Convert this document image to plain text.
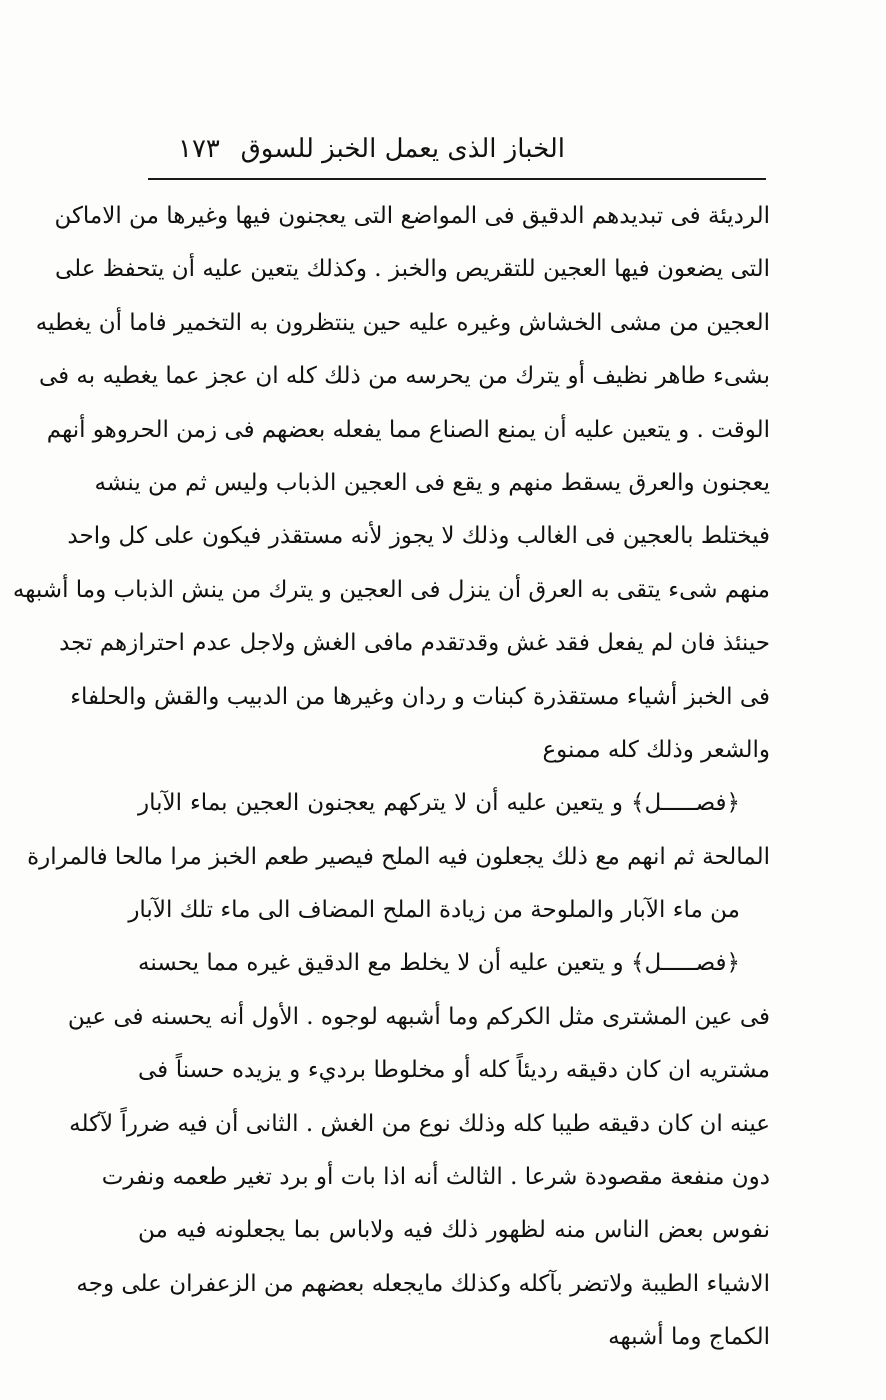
الخباز الذى يعمل الخبز للسوق
١٧٣
الرديئة فى تبديدهم الدقيق فى المواضع التى يعجنون فيها وغيرها من الاماكن
التى يضعون فيها العجين للتقريص والخبز . وكذلك يتعين عليه أن يتحفظ على
العجين من مشى الخشاش وغيره عليه حين ينتظرون به التخمير فاما أن يغطيه
بشىء طاهر نظيف أو يترك من يحرسه من ذلك كله ان عجز عما يغطيه به فى
الوقت . و يتعين عليه أن يمنع الصناع مما يفعله بعضهم فى زمن الحروهو أنهم
يعجنون والعرق يسقط منهم و يقع فى العجين الذباب وليس ثم من ينشه
فيختلط بالعجين فى الغالب وذلك لا يجوز لأنه مستقذر فيكون على كل واحد
منهم شىء يتقى به العرق أن ينزل فى العجين و يترك من ينش الذباب وما أشبهه
حينئذ فان لم يفعل فقد غش وقدتقدم مافى الغش ولاجل عدم احترازهم تجد
فى الخبز أشياء مستقذرة كبنات و ردان وغيرها من الدبيب والقش والحلفاء
والشعر وذلك كله ممنوع
﴿فصـــــل﴾ و يتعين عليه أن لا يتركهم يعجنون العجين بماء الآبار
المالحة ثم انهم مع ذلك يجعلون فيه الملح فيصير طعم الخبز مرا مالحا فالمرارة
من ماء الآبار والملوحة من زيادة الملح المضاف الى ماء تلك الآبار
﴿فصـــــل﴾ و يتعين عليه أن لا يخلط مع الدقيق غيره مما يحسنه
فى عين المشترى مثل الكركم وما أشبهه لوجوه . الأول أنه يحسنه فى عين
مشتريه ان كان دقيقه رديئاً كله أو مخلوطا برديء و يزيده حسناً فى
عينه ان كان دقيقه طيبا كله وذلك نوع من الغش . الثانى أن فيه ضرراً لآكله
دون منفعة مقصودة شرعا . الثالث أنه اذا بات أو برد تغير طعمه ونفرت
نفوس بعض الناس منه لظهور ذلك فيه ولاباس بما يجعلونه فيه من
الاشياء الطيبة ولاتضر بآكله وكذلك مايجعله بعضهم من الزعفران على وجه
الكماج وما أشبهه
